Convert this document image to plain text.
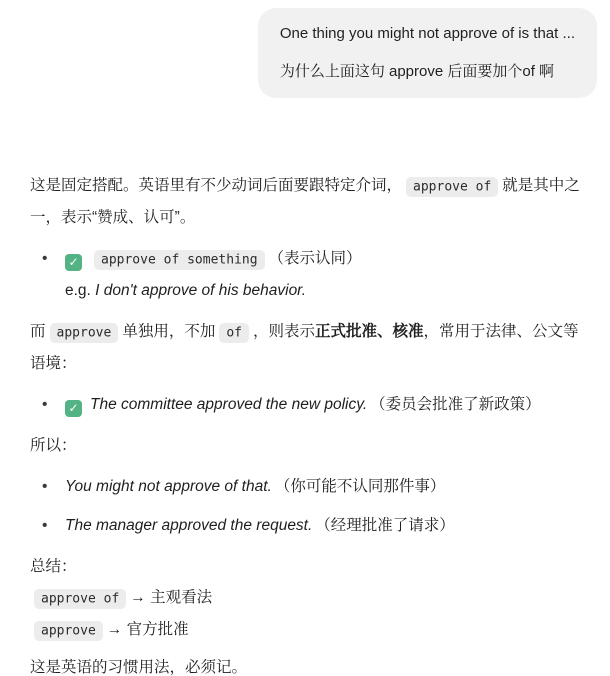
One thing you might not approve of is that ...

为什么上面这句 approve 后面要加个of 啊

这是固定搭配。英语里有不少动词后面要跟特定介词， approve of 就是其中之一，表示“赞成、认可”。

•	✓ approve of something （表示认同）
e.g. I don't approve of his behavior.

而 approve 单独用，不加 of ，则表示正式批准、核准，常用于法律、公文等语境：

•	✓ The committee approved the new policy. （委员会批准了新政策）

所以：

•	You might not approve of that. （你可能不认同那件事）
•	The manager approved the request. （经理批准了请求）

总结：

approve of → 主观看法

approve → 官方批准

这是英语的习惯用法，必须记。
